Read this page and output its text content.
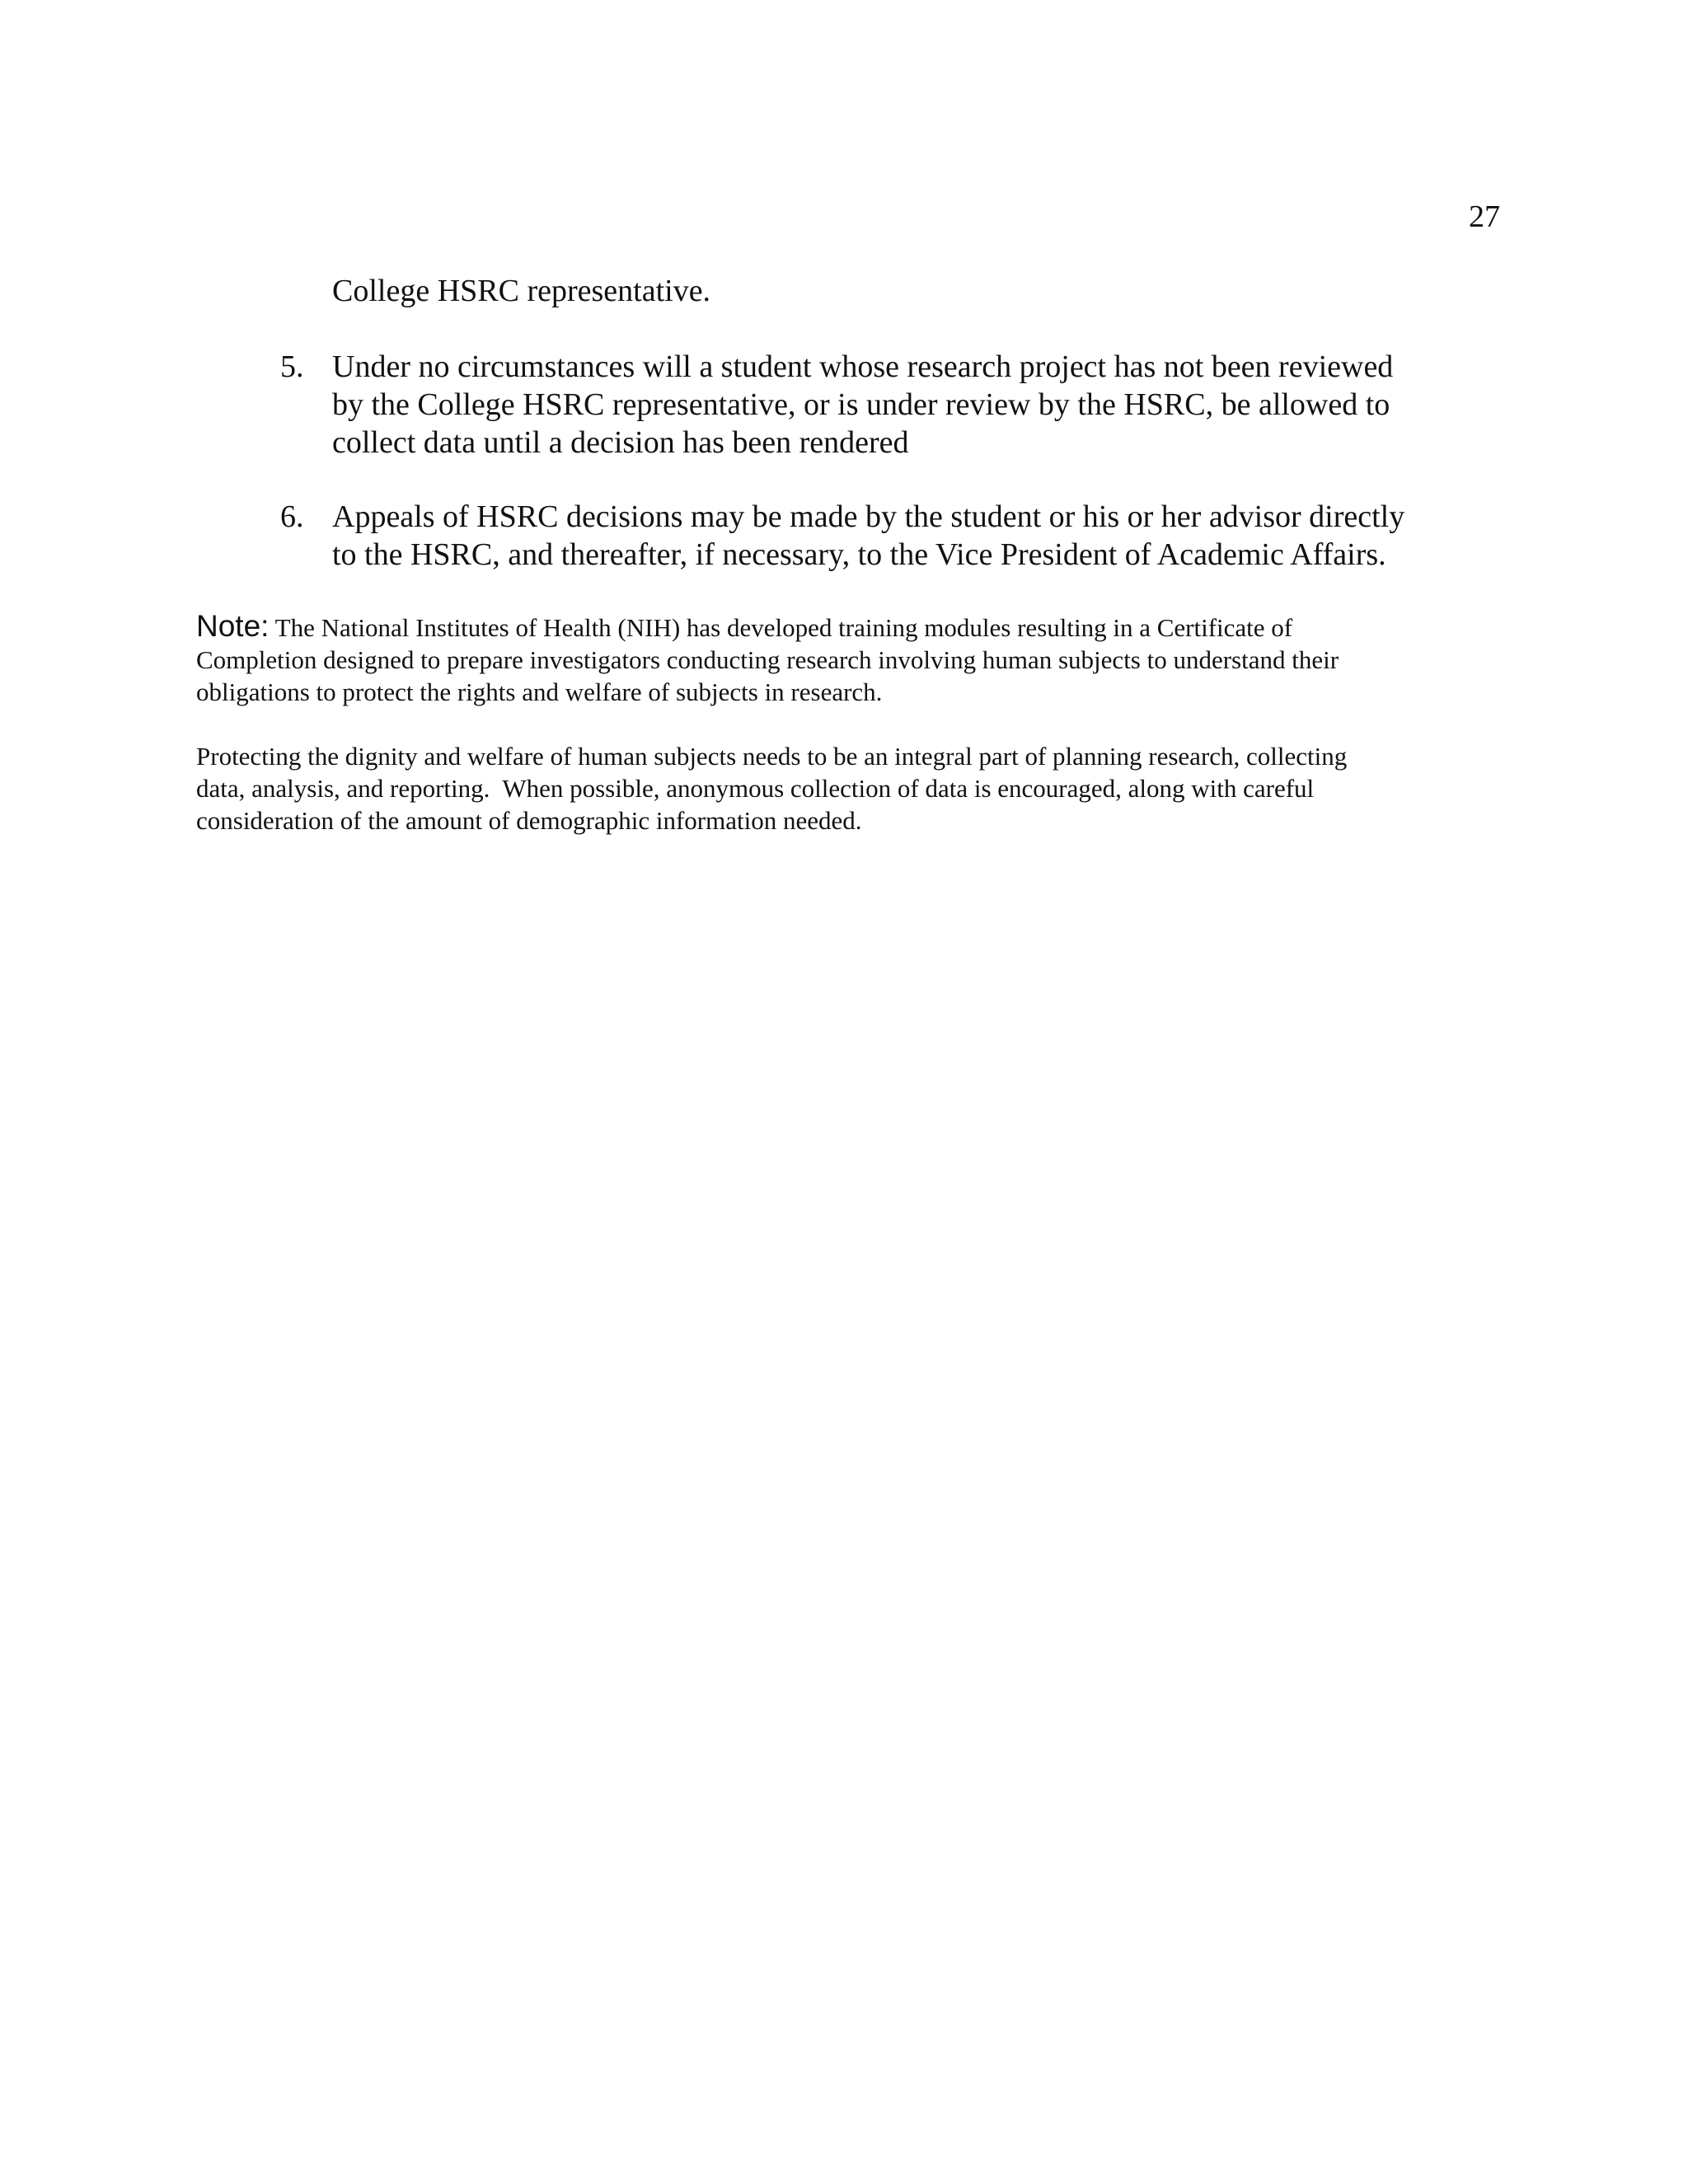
27
College HSRC representative.
5. Under no circumstances will a student whose research project has not been reviewed
by the College HSRC representative, or is under review by the HSRC, be allowed to
collect data until a decision has been rendered
6. Appeals of HSRC decisions may be made by the student or his or her advisor directly
to the HSRC, and thereafter, if necessary, to the Vice President of Academic Affairs.
Note: The National Institutes of Health (NIH) has developed training modules resulting in a Certificate of
Completion designed to prepare investigators conducting research involving human subjects to understand their
obligations to protect the rights and welfare of subjects in research.
Protecting the dignity and welfare of human subjects needs to be an integral part of planning research, collecting
data, analysis, and reporting.  When possible, anonymous collection of data is encouraged, along with careful
consideration of the amount of demographic information needed.
